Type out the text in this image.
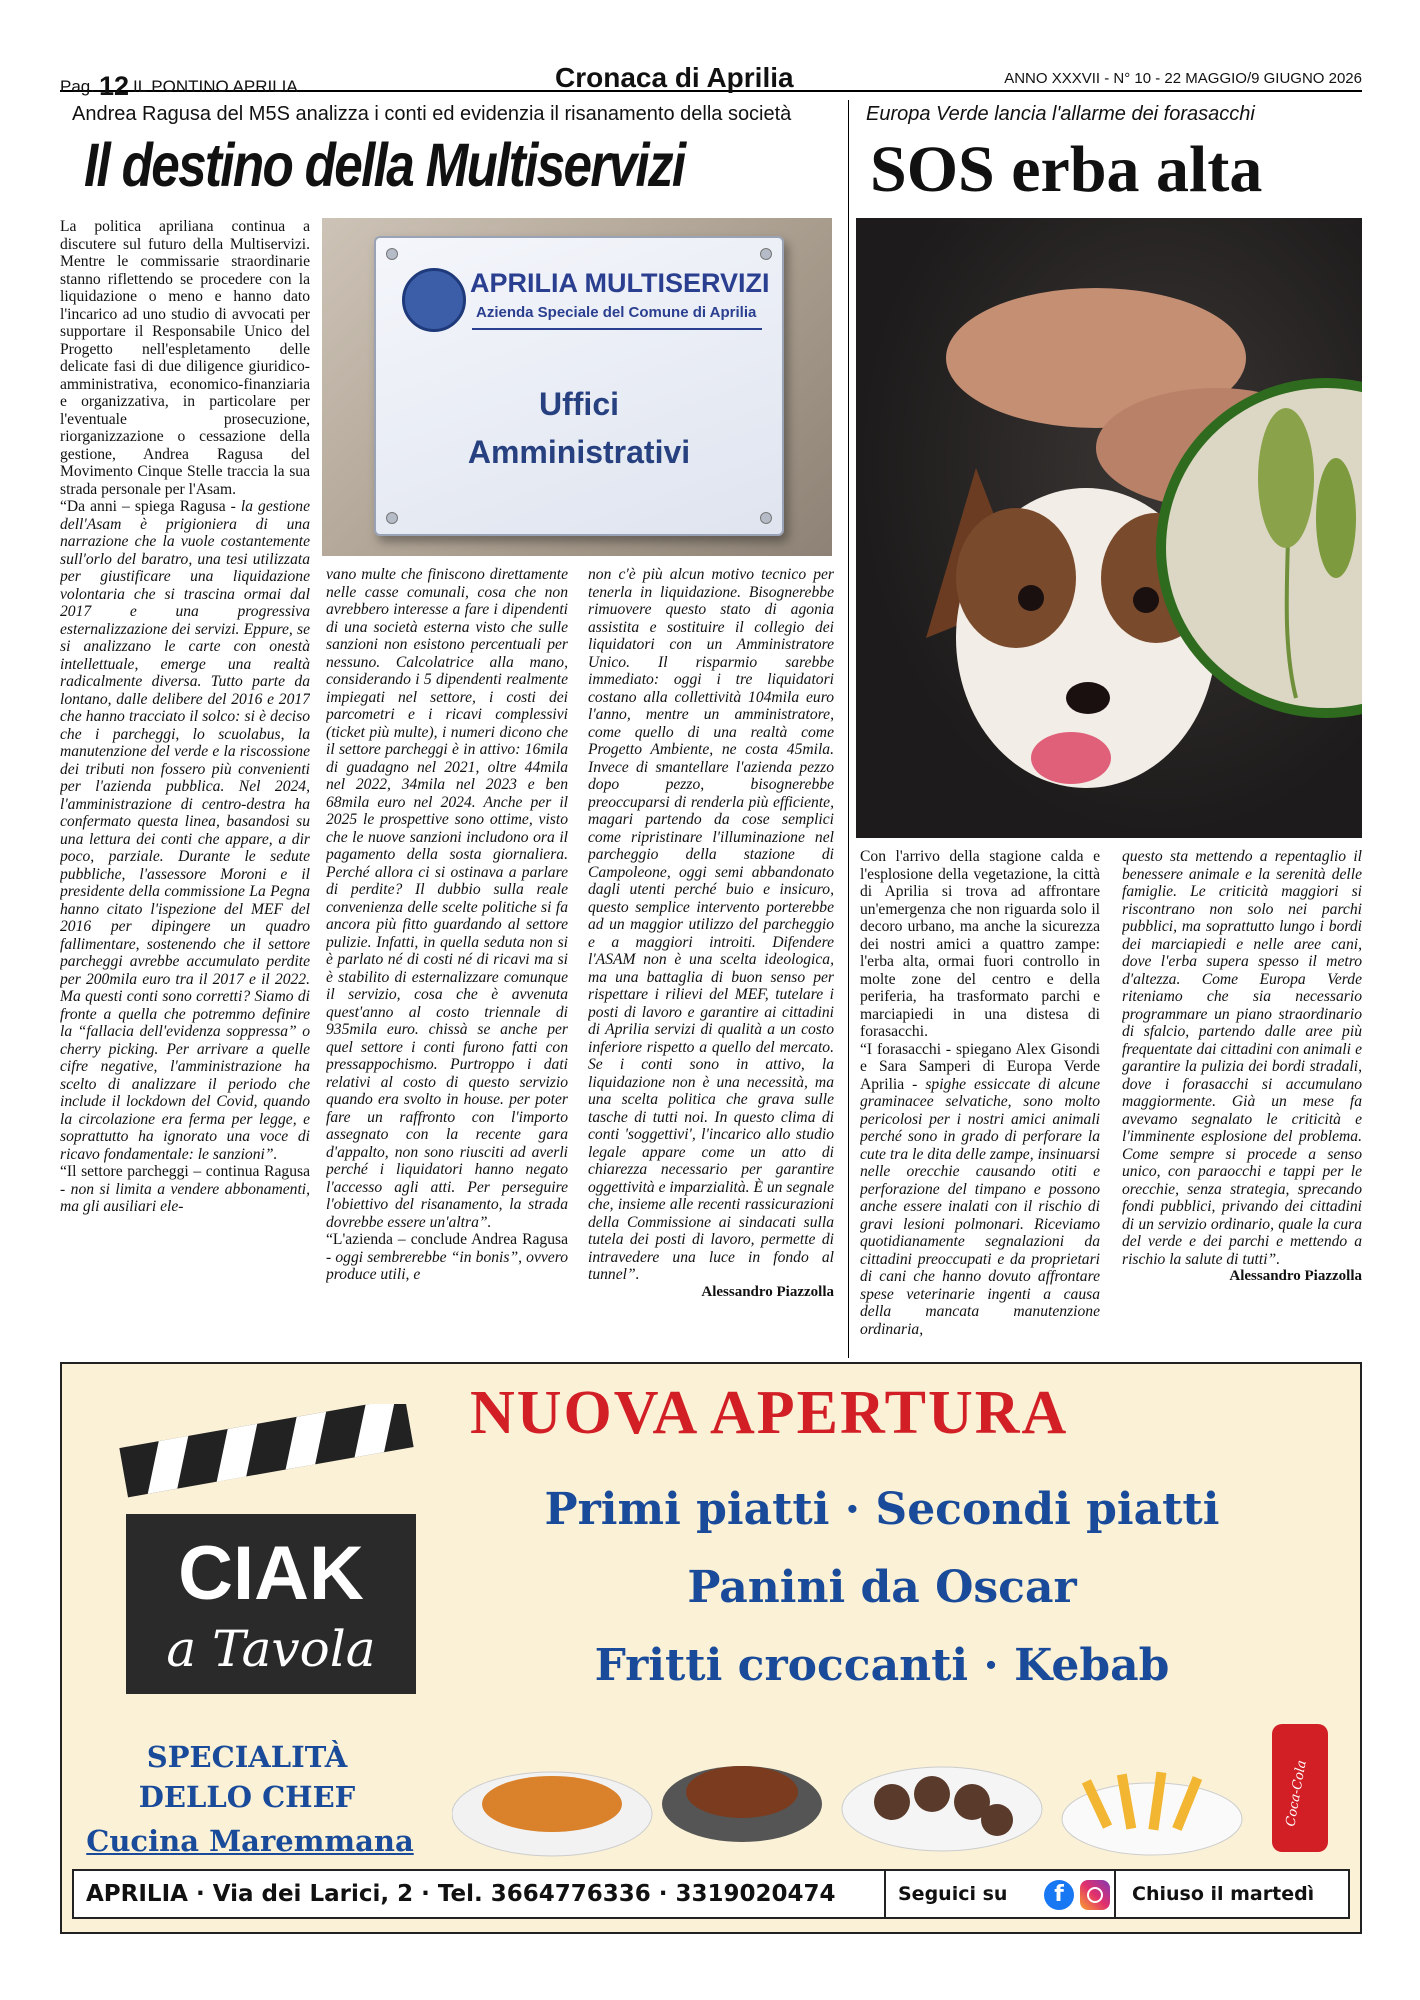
Pag. 12 IL PONTINO APRILIA	Cronaca di Aprilia	ANNO XXXVII - N° 10 - 22 MAGGIO/9 GIUGNO 2026
Andrea Ragusa del M5S analizza i conti ed evidenzia il risanamento della società
Il destino della Multiservizi

La politica apriliana continua a discutere sul futuro della Multiservizi. Mentre le commissarie straordinarie stanno riflettendo se procedere con la liquidazione o meno e hanno dato l'incarico ad uno studio di avvocati per supportare il Responsabile Unico del Progetto nell'espletamento delle delicate fasi di due diligence giuridico-amministrativa, economico-finanziaria e organizzativa, in particolare per l'eventuale prosecuzione, riorganizzazione o cessazione della gestione, Andrea Ragusa del Movimento Cinque Stelle traccia la sua strada personale per l'Asam.

“Da anni – spiega Ragusa - la gestione dell'Asam è prigioniera di una narrazione che la vuole costantemente sull'orlo del baratro, una tesi utilizzata per giustificare una liquidazione volontaria che si trascina ormai dal 2017 e una progressiva esternalizzazione dei servizi. Eppure, se si analizzano le carte con onestà intellettuale, emerge una realtà radicalmente diversa. Tutto parte da lontano, dalle delibere del 2016 e 2017 che hanno tracciato il solco: si è deciso che i parcheggi, lo scuolabus, la manutenzione del verde e la riscossione dei tributi non fossero più convenienti per l'azienda pubblica. Nel 2024, l'amministrazione di centro-destra ha confermato questa linea, basandosi su una lettura dei conti che appare, a dir poco, parziale. Durante le sedute pubbliche, l'assessore Moroni e il presidente della commissione La Pegna hanno citato l'ispezione del MEF del 2016 per dipingere un quadro fallimentare, sostenendo che il settore parcheggi avrebbe accumulato perdite per 200mila euro tra il 2017 e il 2022. Ma questi conti sono corretti? Siamo di fronte a quella che potremmo definire la “fallacia dell'evidenza soppressa” o cherry picking. Per arrivare a quelle cifre negative, l'amministrazione ha scelto di analizzare il periodo che include il lockdown del Covid, quando la circolazione era ferma per legge, e soprattutto ha ignorato una voce di ricavo fondamentale: le sanzioni”.

“Il settore parcheggi – continua Ragusa - non si limita a vendere abbonamenti, ma gli ausiliari ele-

APRILIA MULTISERVIZI
Azienda Speciale del Comune di Aprilia
Uffici
Amministrativi

vano multe che finiscono direttamente nelle casse comunali, cosa che non avrebbero interesse a fare i dipendenti di una società esterna visto che sulle sanzioni non esistono percentuali per nessuno. Calcolatrice alla mano, considerando i 5 dipendenti realmente impiegati nel settore, i costi dei parcometri e i ricavi complessivi (ticket più multe), i numeri dicono che il settore parcheggi è in attivo: 16mila di guadagno nel 2021, oltre 44mila nel 2022, 34mila nel 2023 e ben 68mila euro nel 2024. Anche per il 2025 le prospettive sono ottime, visto che le nuove sanzioni includono ora il pagamento della sosta giornaliera. Perché allora ci si ostinava a parlare di perdite? Il dubbio sulla reale convenienza delle scelte politiche si fa ancora più fitto guardando al settore pulizie. Infatti, in quella seduta non si è parlato né di costi né di ricavi ma si è stabilito di esternalizzare comunque il servizio, cosa che è avvenuta quest'anno al costo triennale di 935mila euro. chissà se anche per quel settore i conti furono fatti con pressappochismo. Purtroppo i dati relativi al costo di questo servizio quando era svolto in house. per poter fare un raffronto con l'importo assegnato con la recente gara d'appalto, non sono riusciti ad averli perché i liquidatori hanno negato l'accesso agli atti. Per perseguire l'obiettivo del risanamento, la strada dovrebbe essere un'altra”.

“L'azienda – conclude Andrea Ragusa - oggi sembrerebbe “in bonis”, ovvero produce utili, e

non c'è più alcun motivo tecnico per tenerla in liquidazione. Bisognerebbe rimuovere questo stato di agonia assistita e sostituire il collegio dei liquidatori con un Amministratore Unico. Il risparmio sarebbe immediato: oggi i tre liquidatori costano alla collettività 104mila euro l'anno, mentre un amministratore, come quello di una realtà come Progetto Ambiente, ne costa 45mila. Invece di smantellare l'azienda pezzo dopo pezzo, bisognerebbe preoccuparsi di renderla più efficiente, magari partendo da cose semplici come ripristinare l'illuminazione nel parcheggio della stazione di Campoleone, oggi semi abbandonato dagli utenti perché buio e insicuro, questo semplice intervento porterebbe ad un maggior utilizzo del parcheggio e a maggiori introiti. Difendere l'ASAM non è una scelta ideologica, ma una battaglia di buon senso per rispettare i rilievi del MEF, tutelare i posti di lavoro e garantire ai cittadini di Aprilia servizi di qualità a un costo inferiore rispetto a quello del mercato. Se i conti sono in attivo, la liquidazione non è una necessità, ma una scelta politica che grava sulle tasche di tutti noi. In questo clima di conti 'soggettivi', l'incarico allo studio legale appare come un atto di chiarezza necessario per garantire oggettività e imparzialità. È un segnale che, insieme alle recenti rassicurazioni della Commissione ai sindacati sulla tutela dei posti di lavoro, permette di intravedere una luce in fondo al tunnel”.

Alessandro Piazzolla
Europa Verde lancia l'allarme dei forasacchi
SOS erba alta

Con l'arrivo della stagione calda e l'esplosione della vegetazione, la città di Aprilia si trova ad affrontare un'emergenza che non riguarda solo il decoro urbano, ma anche la sicurezza dei nostri amici a quattro zampe: l'erba alta, ormai fuori controllo in molte zone del centro e della periferia, ha trasformato parchi e marciapiedi in una distesa di forasacchi.

“I forasacchi - spiegano Alex Gisondi e Sara Samperi di Europa Verde Aprilia - spighe essiccate di alcune graminacee selvatiche, sono molto pericolosi per i nostri amici animali perché sono in grado di perforare la cute tra le dita delle zampe, insinuarsi nelle orecchie causando otiti e perforazione del timpano e possono anche essere inalati con il rischio di gravi lesioni polmonari. Riceviamo quotidianamente segnalazioni da cittadini preoccupati e da proprietari di cani che hanno dovuto affrontare spese veterinarie ingenti a causa della mancata manutenzione ordinaria,

questo sta mettendo a repentaglio il benessere animale e la serenità delle famiglie. Le criticità maggiori si riscontrano non solo nei parchi pubblici, ma soprattutto lungo i bordi dei marciapiedi e nelle aree cani, dove l'erba supera spesso il metro d'altezza. Come Europa Verde riteniamo che sia necessario programmare un piano straordinario di sfalcio, partendo dalle aree più frequentate dai cittadini con animali e garantire la pulizia dei bordi stradali, dove i forasacchi si accumulano maggiormente. Già un mese fa avevamo segnalato le criticità e l'imminente esplosione del problema. Come sempre si procede a senso unico, con paraocchi e tappi per le orecchie, senza strategia, sprecando fondi pubblici, privando dei cittadini di un servizio ordinario, quale la cura del verde e dei parchi e mettendo a rischio la salute di tutti”.

Alessandro Piazzolla
CIAK
a Tavola
NUOVA APERTURA
Primi piatti · Secondi piatti
Panini da Oscar
Fritti croccanti · Kebab
SPECIALITÀ
DELLO CHEF
Cucina Maremmana
Coca-Cola
APRILIA · Via dei Larici, 2 · Tel. 3664776336 · 3319020474	Seguici su	f	Chiuso il martedì
